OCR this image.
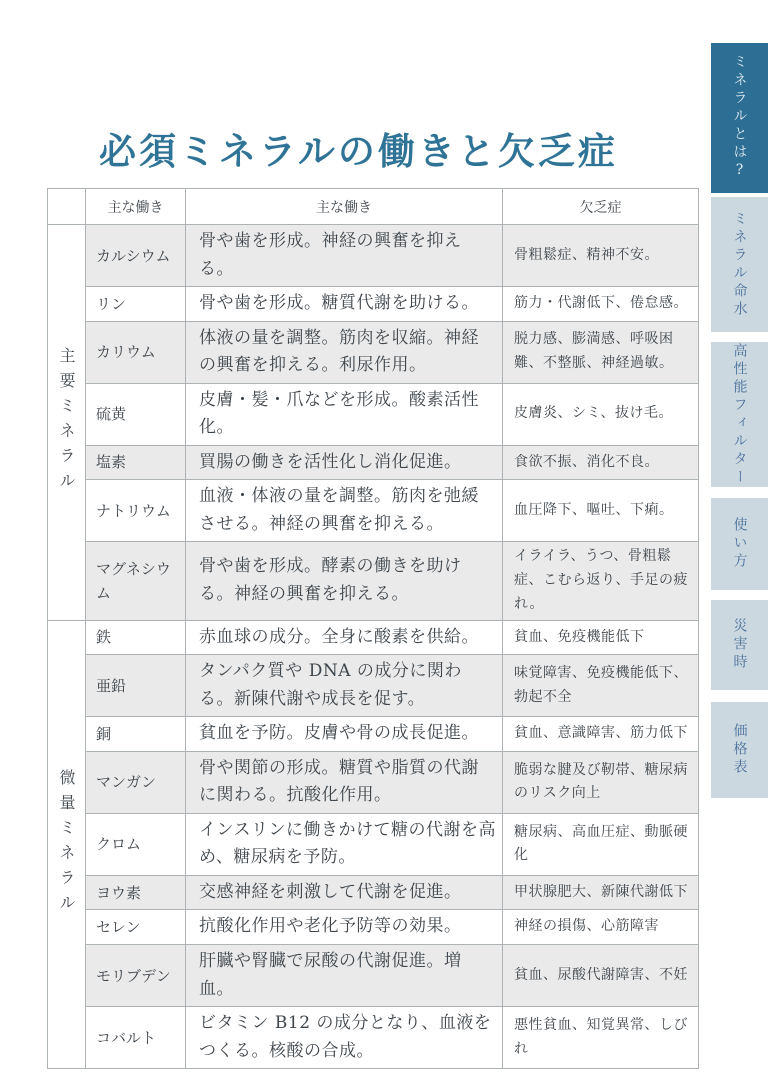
必須ミネラルの働きと欠乏症
	主な働き	主な働き	欠乏症
主要ミネラル	カルシウム	骨や歯を形成。神経の興奮を抑える。	骨粗鬆症、精神不安。
	リン	骨や歯を形成。糖質代謝を助ける。	筋力・代謝低下、倦怠感。
	カリウム	体液の量を調整。筋肉を収縮。神経の興奮を抑える。利尿作用。	脱力感、膨満感、呼吸困難、不整脈、神経過敏。
	硫黄	皮膚・髪・爪などを形成。酸素活性化。	皮膚炎、シミ、抜け毛。
	塩素	買腸の働きを活性化し消化促進。	食欲不振、消化不良。
	ナトリウム	血液・体液の量を調整。筋肉を弛緩させる。神経の興奮を抑える。	血圧降下、嘔吐、下痢。
	マグネシウム	骨や歯を形成。酵素の働きを助ける。神経の興奮を抑える。	イライラ、うつ、骨粗鬆症、こむら返り、手足の疲れ。
微量ミネラル	鉄	赤血球の成分。全身に酸素を供給。	貧血、免疫機能低下
	亜鉛	タンパク質や DNA の成分に関わる。新陳代謝や成長を促す。	味覚障害、免疫機能低下、勃起不全
	銅	貧血を予防。皮膚や骨の成長促進。	貧血、意識障害、筋力低下
	マンガン	骨や関節の形成。糖質や脂質の代謝に関わる。抗酸化作用。	脆弱な腱及び靭帯、糖尿病のリスク向上
	クロム	インスリンに働きかけて糖の代謝を高め、糖尿病を予防。	糖尿病、高血圧症、動脈硬化
	ヨウ素	交感神経を刺激して代謝を促進。	甲状腺肥大、新陳代謝低下
	セレン	抗酸化作用や老化予防等の効果。	神経の損傷、心筋障害
	モリブデン	肝臓や腎臓で尿酸の代謝促進。増血。	貧血、尿酸代謝障害、不妊
	コバルト	ビタミン B12 の成分となり、血液をつくる。核酸の合成。	悪性貧血、知覚異常、しびれ
ミネラルとは?
ミネラル命水
高性能フィルター
使い方
災害時
価格表
